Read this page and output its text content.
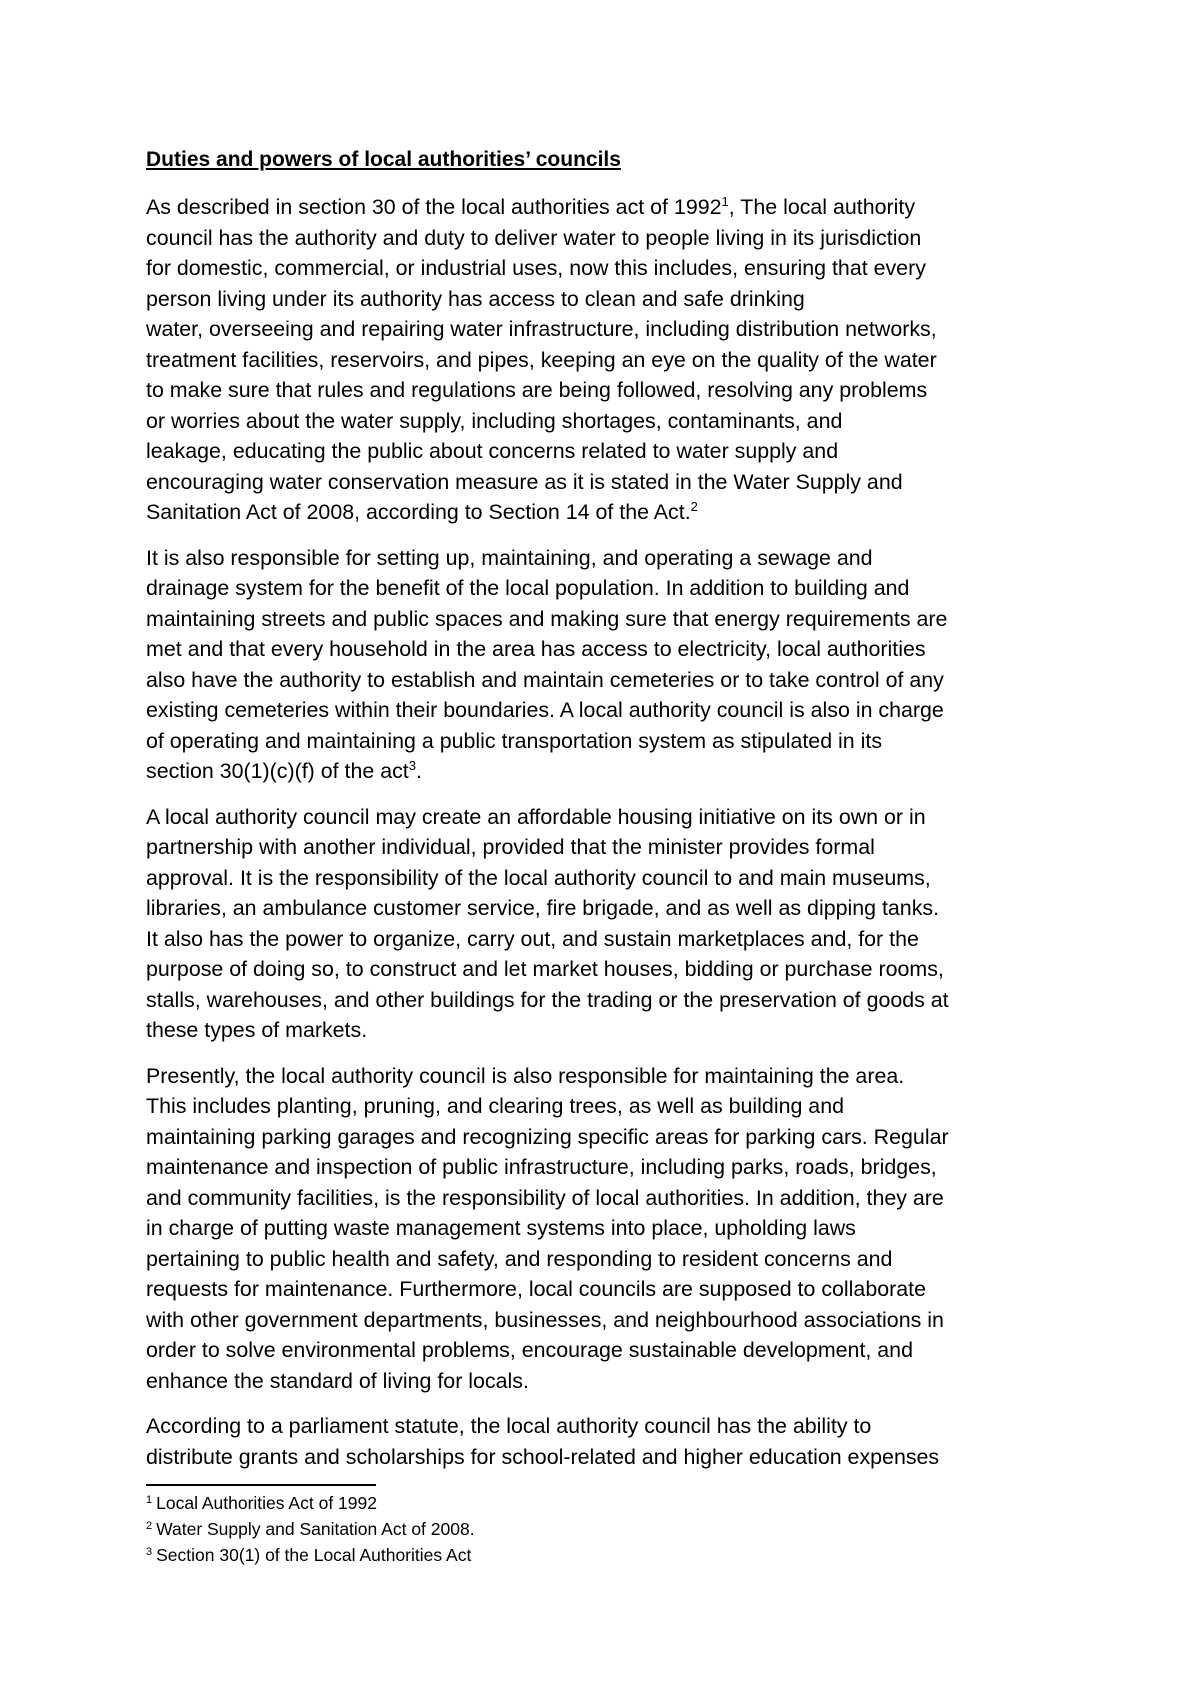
Duties and powers of local authorities’ councils

As described in section 30 of the local authorities act of 1992$^1$, The local authority
council has the authority and duty to deliver water to people living in its jurisdiction
for domestic, commercial, or industrial uses, now this includes, ensuring that every
person living under its authority has access to clean and safe drinking
water, overseeing and repairing water infrastructure, including distribution networks,
treatment facilities, reservoirs, and pipes, keeping an eye on the quality of the water
to make sure that rules and regulations are being followed, resolving any problems
or worries about the water supply, including shortages, contaminants, and
leakage, educating the public about concerns related to water supply and
encouraging water conservation measure as it is stated in the Water Supply and
Sanitation Act of 2008, according to Section 14 of the Act.$^2$

It is also responsible for setting up, maintaining, and operating a sewage and
drainage system for the benefit of the local population. In addition to building and
maintaining streets and public spaces and making sure that energy requirements are
met and that every household in the area has access to electricity, local authorities
also have the authority to establish and maintain cemeteries or to take control of any
existing cemeteries within their boundaries. A local authority council is also in charge
of operating and maintaining a public transportation system as stipulated in its
section 30(1)(c)(f) of the act$^3$.

A local authority council may create an affordable housing initiative on its own or in
partnership with another individual, provided that the minister provides formal
approval. It is the responsibility of the local authority council to and main museums,
libraries, an ambulance customer service, fire brigade, and as well as dipping tanks.
It also has the power to organize, carry out, and sustain marketplaces and, for the
purpose of doing so, to construct and let market houses, bidding or purchase rooms,
stalls, warehouses, and other buildings for the trading or the preservation of goods at
these types of markets.

Presently, the local authority council is also responsible for maintaining the area.
This includes planting, pruning, and clearing trees, as well as building and
maintaining parking garages and recognizing specific areas for parking cars. Regular
maintenance and inspection of public infrastructure, including parks, roads, bridges,
and community facilities, is the responsibility of local authorities. In addition, they are
in charge of putting waste management systems into place, upholding laws
pertaining to public health and safety, and responding to resident concerns and
requests for maintenance. Furthermore, local councils are supposed to collaborate
with other government departments, businesses, and neighbourhood associations in
order to solve environmental problems, encourage sustainable development, and
enhance the standard of living for locals.

According to a parliament statute, the local authority council has the ability to
distribute grants and scholarships for school-related and higher education expenses

$^1$ Local Authorities Act of 1992
$^2$ Water Supply and Sanitation Act of 2008.
$^3$ Section 30(1) of the Local Authorities Act
